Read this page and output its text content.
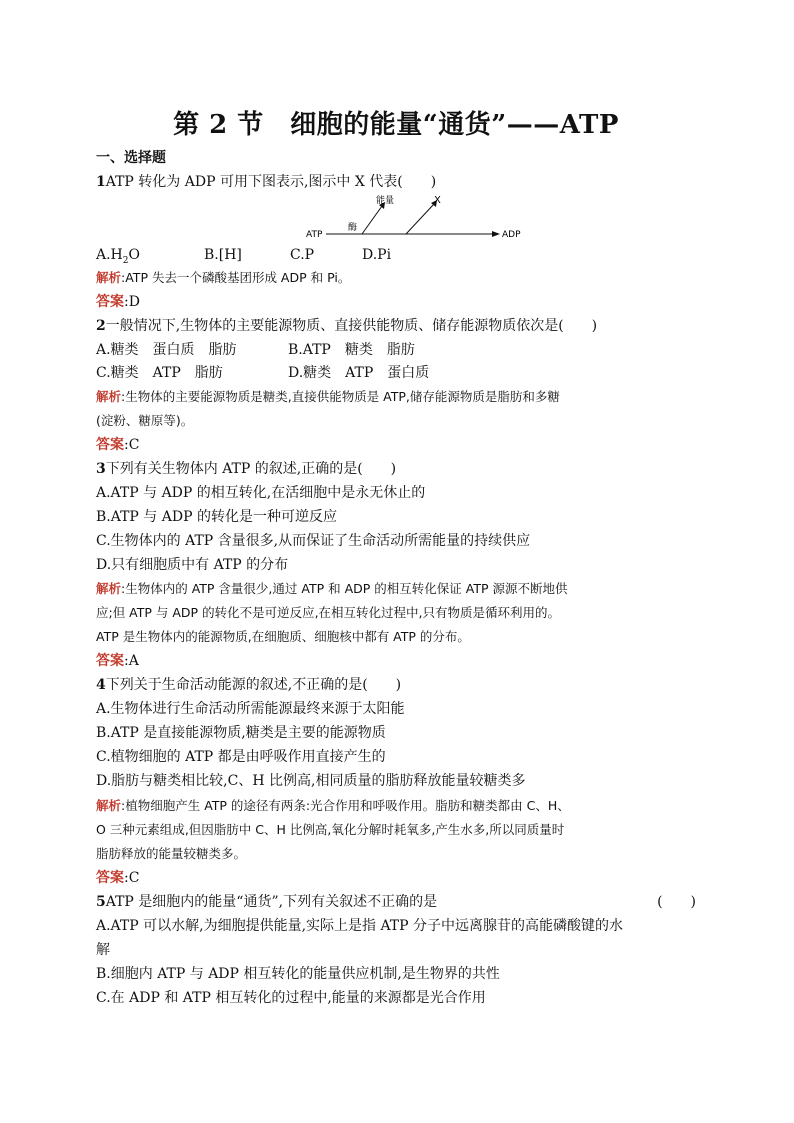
第 2 节　细胞的能量“通货”——ATP
一、选择题
1ATP 转化为 ADP 可用下图表示,图示中 X 代表(　　)
能量	X
ATP
酶
ADP
$A.H_2O$	B.[H]	C.P	D.Pi
解析:ATP 失去一个磷酸基团形成 ADP 和 Pi。
答案:D
2一般情况下,生物体的主要能源物质、直接供能物质、储存能源物质依次是(　　)
A.糖类　蛋白质　脂肪	B.ATP　糖类　脂肪
C.糖类　ATP　脂肪	D.糖类　ATP　蛋白质
解析:生物体的主要能源物质是糖类,直接供能物质是 ATP,储存能源物质是脂肪和多糖
(淀粉、糖原等)。
答案:C
3下列有关生物体内 ATP 的叙述,正确的是(　　)
A.ATP 与 ADP 的相互转化,在活细胞中是永无休止的
B.ATP 与 ADP 的转化是一种可逆反应
C.生物体内的 ATP 含量很多,从而保证了生命活动所需能量的持续供应
D.只有细胞质中有 ATP 的分布
解析:生物体内的 ATP 含量很少,通过 ATP 和 ADP 的相互转化保证 ATP 源源不断地供
应;但 ATP 与 ADP 的转化不是可逆反应,在相互转化过程中,只有物质是循环利用的。
ATP 是生物体内的能源物质,在细胞质、细胞核中都有 ATP 的分布。
答案:A
4下列关于生命活动能源的叙述,不正确的是(　　)
A.生物体进行生命活动所需能源最终来源于太阳能
B.ATP 是直接能源物质,糖类是主要的能源物质
C.植物细胞的 ATP 都是由呼吸作用直接产生的
D.脂肪与糖类相比较,C、H 比例高,相同质量的脂肪释放能量较糖类多
解析:植物细胞产生 ATP 的途径有两条:光合作用和呼吸作用。脂肪和糖类都由 C、H、
O 三种元素组成,但因脂肪中 C、H 比例高,氧化分解时耗氧多,产生水多,所以同质量时
脂肪释放的能量较糖类多。
答案:C
5ATP 是细胞内的能量“通货”,下列有关叙述不正确的是	(　　)
A.ATP 可以水解,为细胞提供能量,实际上是指 ATP 分子中远离腺苷的高能磷酸键的水
解
B.细胞内 ATP 与 ADP 相互转化的能量供应机制,是生物界的共性
C.在 ADP 和 ATP 相互转化的过程中,能量的来源都是光合作用
